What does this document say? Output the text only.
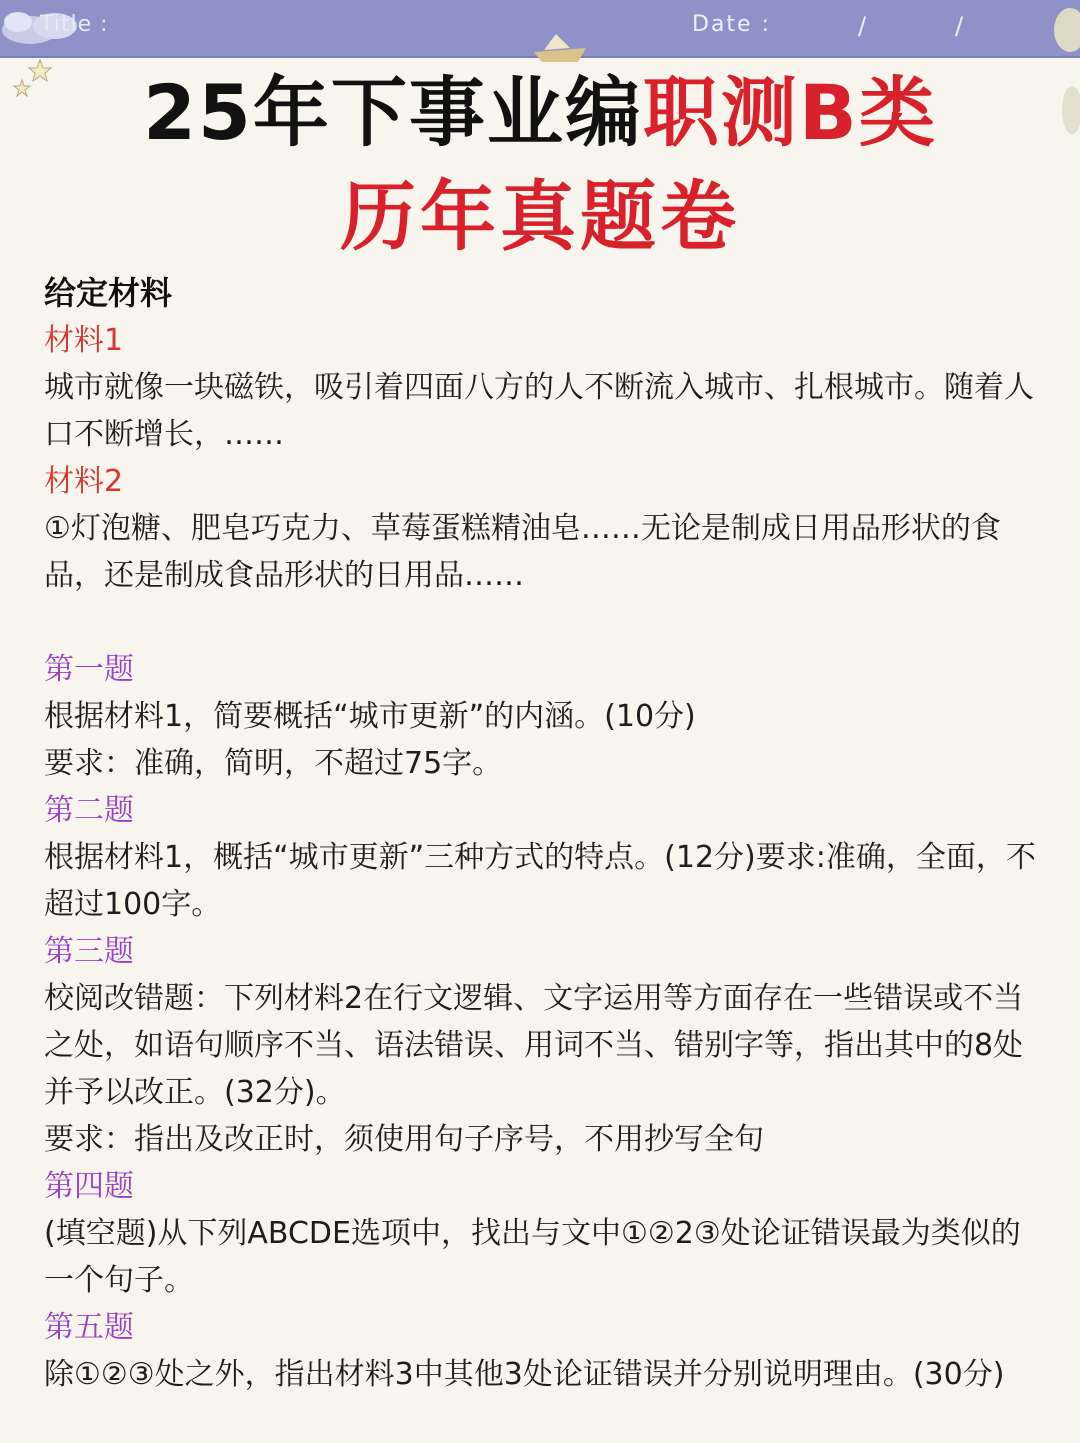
Title :	Date :	/	/
25年下事业编职测B类
历年真题卷
给定材料
材料1

城市就像一块磁铁，吸引着四面八方的人不断流入城市、扎根城市。随着人口不断增长，……

材料2

①灯泡糖、肥皂巧克力、草莓蛋糕精油皂……无论是制成日用品形状的食品，还是制成食品形状的日用品……

第一题

根据材料1，简要概括“城市更新”的内涵。(10分)

要求：准确，简明，不超过75字。

第二题

根据材料1，概括“城市更新”三种方式的特点。(12分)要求:准确，全面，不超过100字。

第三题

校阅改错题：下列材料2在行文逻辑、文字运用等方面存在一些错误或不当之处，如语句顺序不当、语法错误、用词不当、错别字等，指出其中的8处并予以改正。(32分)。

要求：指出及改正时，须使用句子序号，不用抄写全句

第四题

(填空题)从下列ABCDE选项中，找出与文中①②2③处论证错误最为类似的一个句子。

第五题

除①②③处之外，指出材料3中其他3处论证错误并分别说明理由。(30分)
